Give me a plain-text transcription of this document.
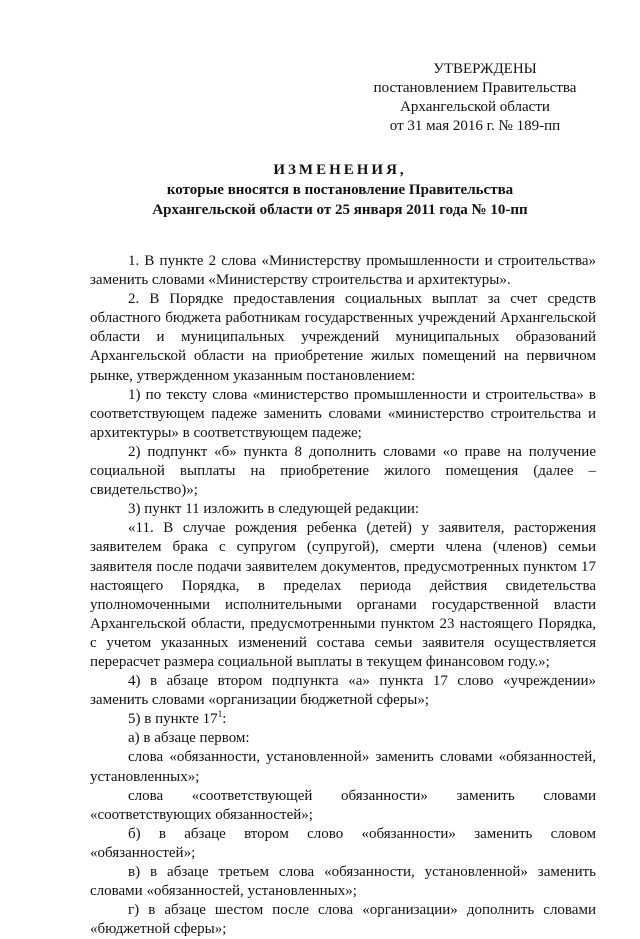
УТВЕРЖДЕНЫ
постановлением Правительства
Архангельской области
от 31 мая 2016 г. № 189-пп
ИЗМЕНЕНИЯ,
которые вносятся в постановление Правительства
Архангельской области от 25 января 2011 года № 10-пп

1. В пункте 2 слова «Министерству промышленности и строительства» заменить словами «Министерству строительства и архитектуры».

2. В Порядке предоставления социальных выплат за счет средств областного бюджета работникам государственных учреждений Архангельской области и муниципальных учреждений муниципальных образований Архангельской области на приобретение жилых помещений на первичном рынке, утвержденном указанным постановлением:

1) по тексту слова «министерство промышленности и строительства» в соответствующем падеже заменить словами «министерство строительства и архитектуры» в соответствующем падеже;

2) подпункт «б» пункта 8 дополнить словами «о праве на получение социальной выплаты на приобретение жилого помещения (далее – свидетельство)»;

3) пункт 11 изложить в следующей редакции:

«11. В случае рождения ребенка (детей) у заявителя, расторжения заявителем брака с супругом (супругой), смерти члена (членов) семьи заявителя после подачи заявителем документов, предусмотренных пунктом 17 настоящего Порядка, в пределах периода действия свидетельства уполномоченными исполнительными органами государственной власти Архангельской области, предусмотренными пунктом 23 настоящего Порядка, с учетом указанных изменений состава семьи заявителя осуществляется перерасчет размера социальной выплаты в текущем финансовом году.»;

4) в абзаце втором подпункта «а» пункта 17 слово «учреждении» заменить словами «организации бюджетной сферы»;

5) в пункте $17^1$:

а) в абзаце первом:

слова «обязанности, установленной» заменить словами «обязанностей, установленных»;

слова «соответствующей обязанности» заменить словами «соответствующих обязанностей»;

б) в абзаце втором слово «обязанности» заменить словом «обязанностей»;

в) в абзаце третьем слова «обязанности, установленной» заменить словами «обязанностей, установленных»;

г) в абзаце шестом после слова «организации» дополнить словами «бюджетной сферы»;
